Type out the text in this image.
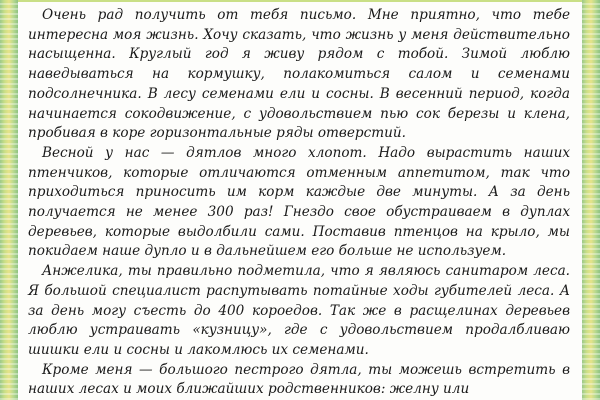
Очень рад получить от тебя письмо. Мне приятно, что тебе интересна моя жизнь. Хочу сказать, что жизнь у меня действительно насыщенна. Круглый год я живу рядом с тобой. Зимой люблю наведываться на кормушку, полакомиться салом и семенами подсолнечника. В лесу семенами ели и сосны. В весенний период, когда начинается сокодвижение, с удовольствием пью сок березы и клена, пробивая в коре горизонтальные ряды отверстий.

Весной у нас — дятлов много хлопот. Надо вырастить наших птенчиков, которые отличаются отменным аппетитом, так что приходиться приносить им корм каждые две минуты. А за день получается не менее 300 раз! Гнездо свое обустраиваем в дуплах деревьев, которые выдолбили сами. Поставив птенцов на крыло, мы покидаем наше дупло и в дальнейшем его больше не используем.

Анжелика, ты правильно подметила, что я являюсь санитаром леса. Я большой специалист распутывать потайные ходы губителей леса. А за день могу съесть до 400 короедов. Так же в расщелинах деревьев люблю устраивать «кузницу», где с удовольствием продалбливаю шишки ели и сосны и лакомлюсь их семенами.

Кроме меня — большого пестрого дятла, ты можешь встретить в наших лесах и моих ближайших родственников: желну или
